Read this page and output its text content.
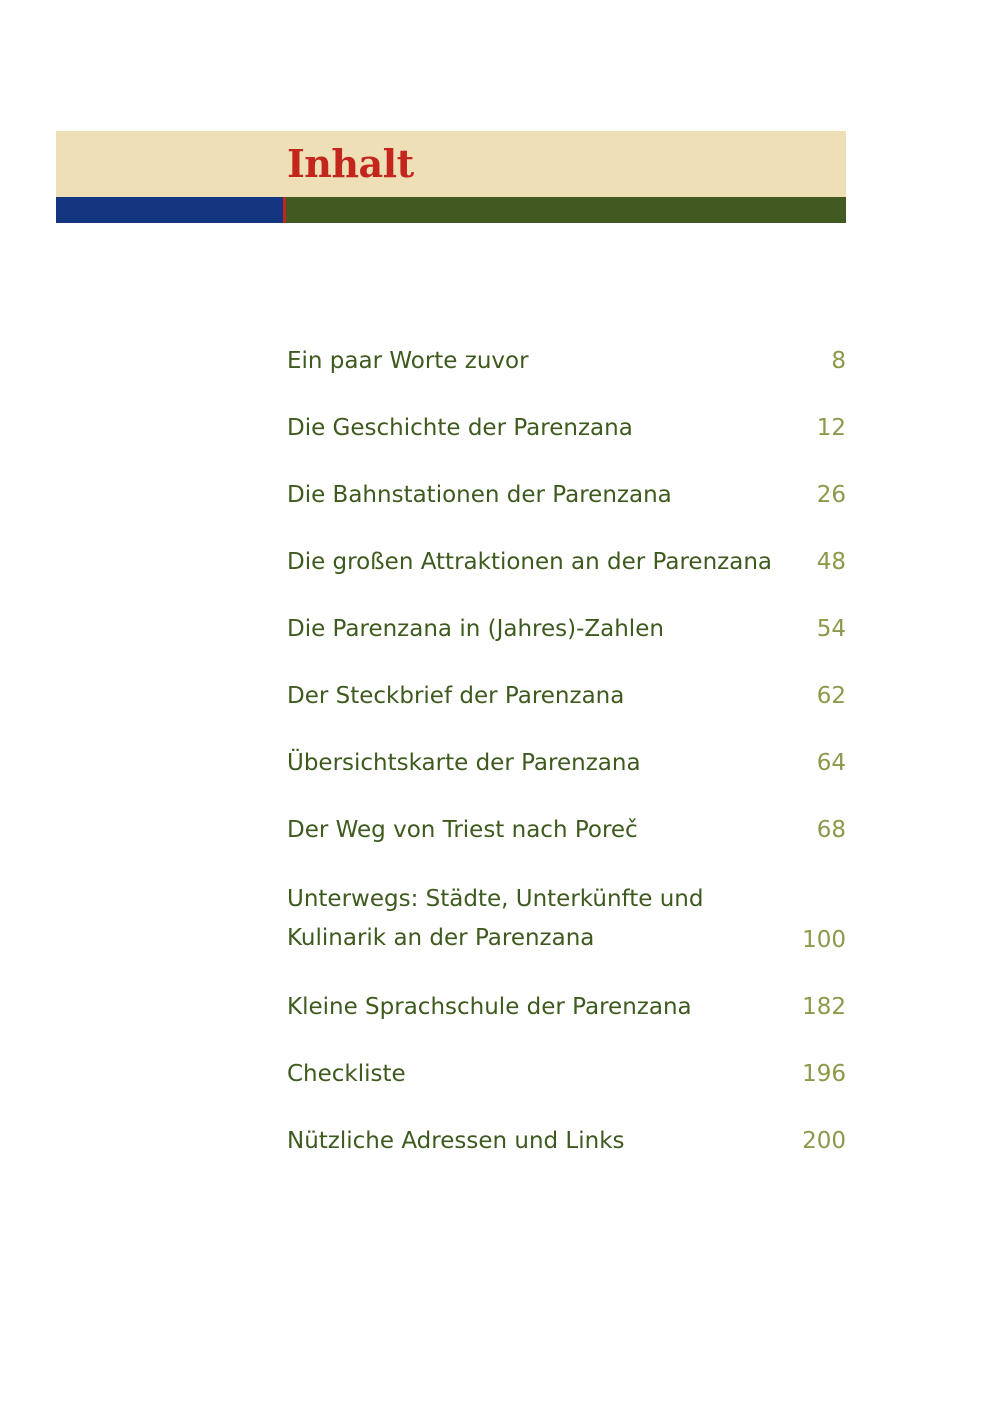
Inhalt
Ein paar Worte zuvor	8
Die Geschichte der Parenzana	12
Die Bahnstationen der Parenzana	26
Die großen Attraktionen an der Parenzana	48
Die Parenzana in (Jahres)-Zahlen	54
Der Steckbrief der Parenzana	62
Übersichtskarte der Parenzana	64
Der Weg von Triest nach Poreč	68
Unterwegs: Städte, Unterkünfte und
Kulinarik an der Parenzana	100
Kleine Sprachschule der Parenzana	182
Checkliste	196
Nützliche Adressen und Links	200
